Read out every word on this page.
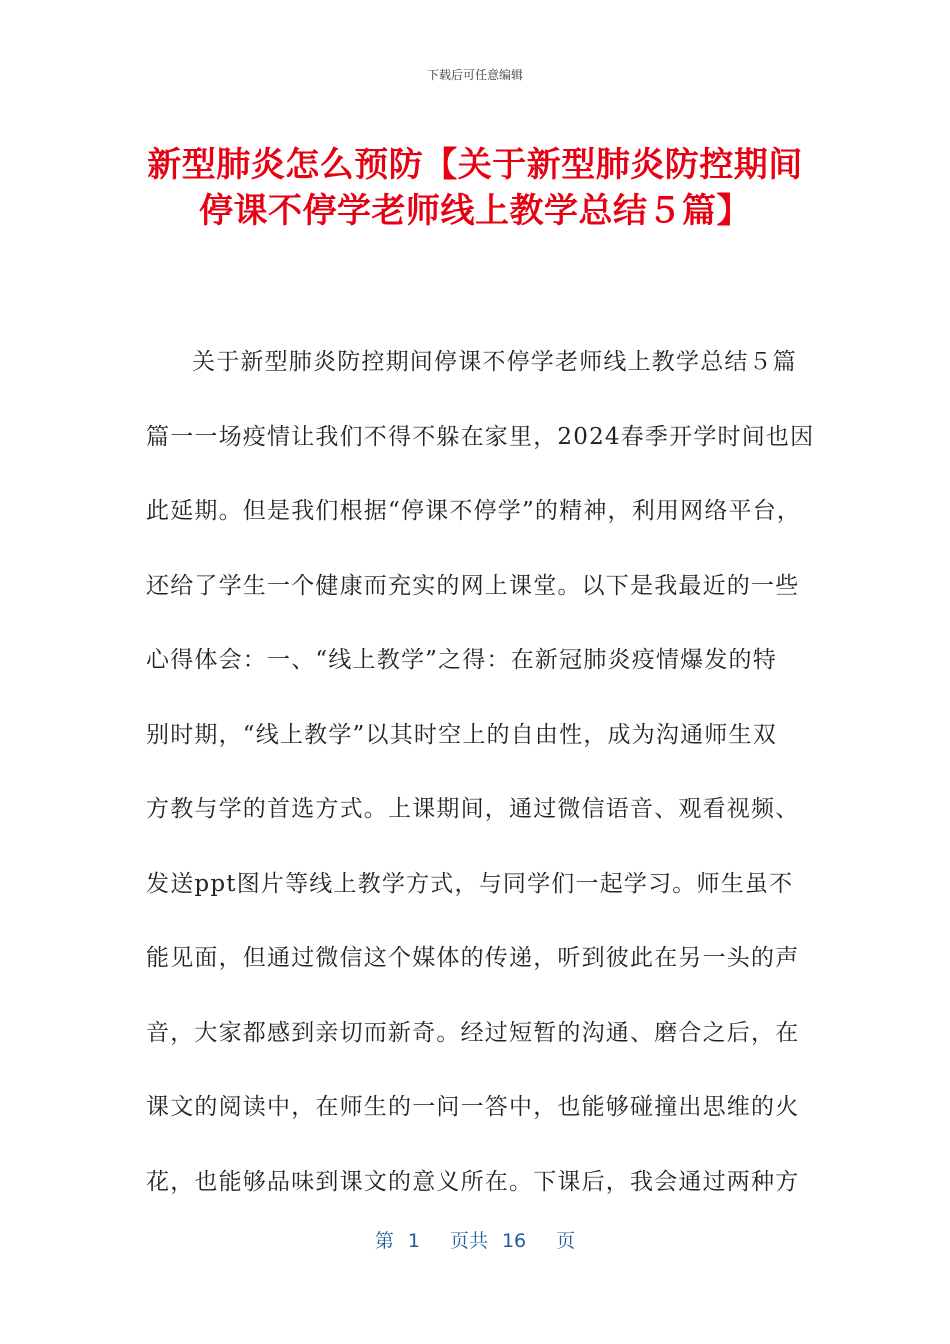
下载后可任意编辑
新型肺炎怎么预防【关于新型肺炎防控期间
停课不停学老师线上教学总结５篇】
关于新型肺炎防控期间停课不停学老师线上教学总结５篇
篇一一场疫情让我们不得不躲在家里，2024春季开学时间也因
此延期。但是我们根据“停课不停学”的精神，利用网络平台，
还给了学生一个健康而充实的网上课堂。以下是我最近的一些
心得体会：一、“线上教学”之得：在新冠肺炎疫情爆发的特
别时期，“线上教学”以其时空上的自由性，成为沟通师生双
方教与学的首选方式。上课期间，通过微信语音、观看视频、
发送ppt图片等线上教学方式，与同学们一起学习。师生虽不
能见面，但通过微信这个媒体的传递，听到彼此在另一头的声
音，大家都感到亲切而新奇。经过短暂的沟通、磨合之后，在
课文的阅读中，在师生的一问一答中，也能够碰撞出思维的火
花，也能够品味到课文的意义所在。下课后，我会通过两种方
第 1 页共 16 页
